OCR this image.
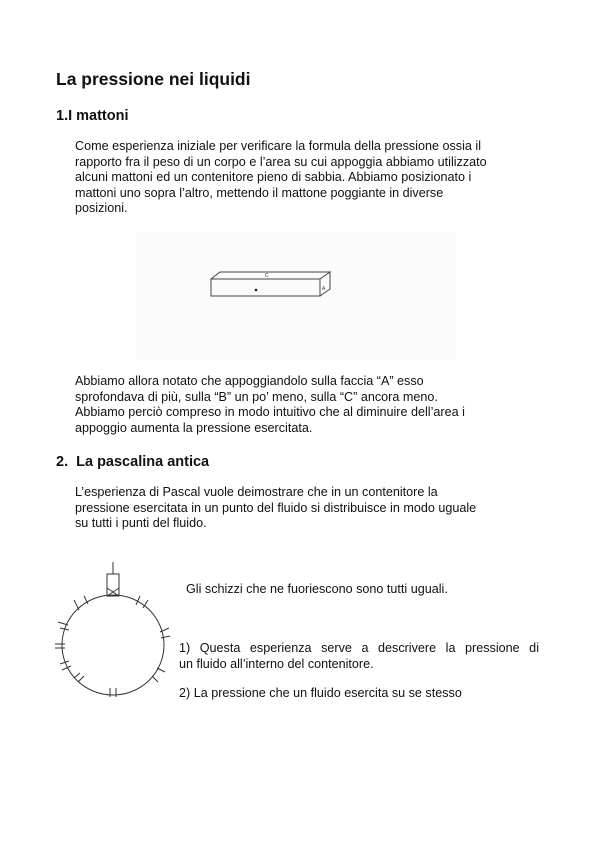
La pressione nei liquidi
1.I mattoni
Come esperienza iniziale per verificare la formula della pressione ossia il
rapporto fra il peso di un corpo e l’area su cui appoggia abbiamo utilizzato
alcuni mattoni ed un contenitore pieno di sabbia. Abbiamo posizionato i
mattoni uno sopra l’altro, mettendo il mattone poggiante in diverse
posizioni.
C
A
Abbiamo allora notato che appoggiandolo sulla faccia “A” esso
sprofondava di più, sulla “B” un po’ meno, sulla “C” ancora meno.
Abbiamo perciò compreso in modo intuitivo che al diminuire dell’area i
appoggio aumenta la pressione esercitata.
2. La pascalina antica
L’esperienza di Pascal vuole deimostrare che in un contenitore la
pressione esercitata in un punto del fluido si distribuisce in modo uguale
su tutti i punti del fluido.
Gli schizzi che ne fuoriescono sono tutti uguali.
1) Questa esperienza serve a descrivere la pressione di
un fluido all’interno del contenitore.
2) La pressione che un fluido esercita su se stesso
